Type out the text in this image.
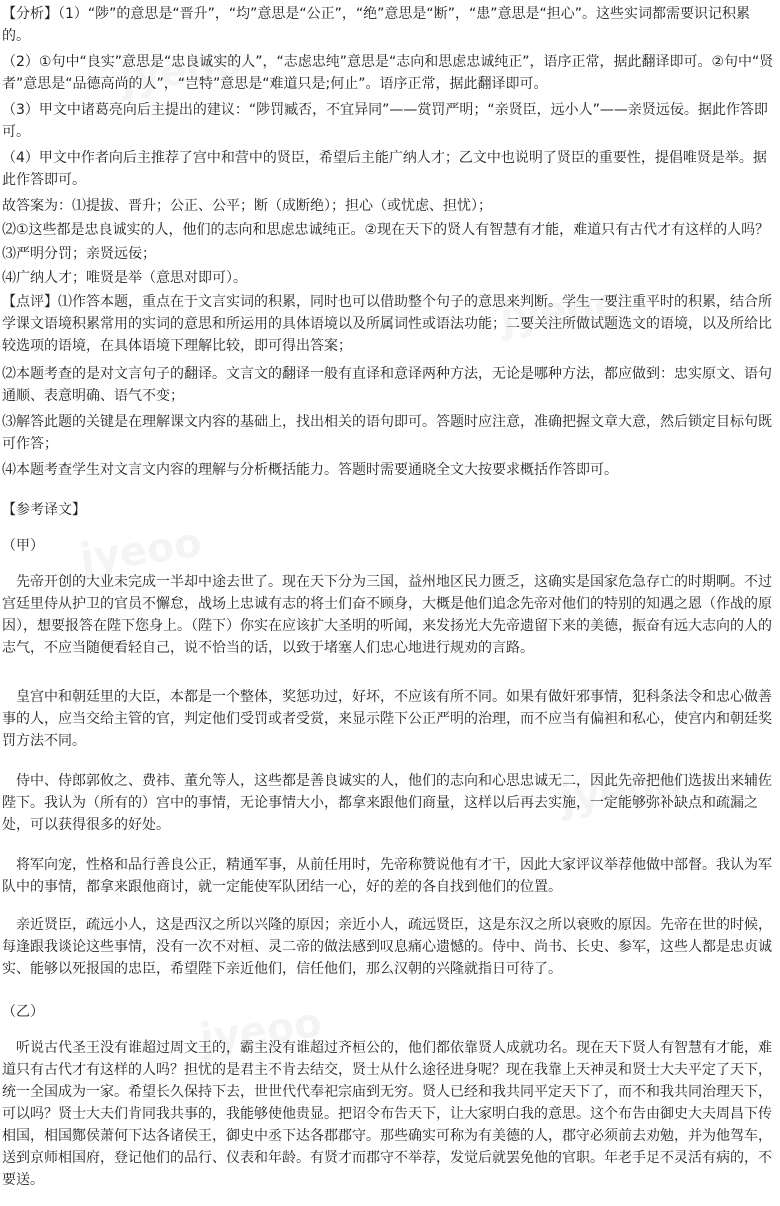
【分析】（1）“陟”的意思是“晋升”，“均”意思是“公正”，“绝”意思是“断”，“患”意思是“担心”。这些实词都需要识记积累的。

（2）①句中“良实”意思是“忠良诚实的人”，“志虑忠纯”意思是“志向和思虑忠诚纯正”，语序正常，据此翻译即可。②句中“贤者”意思是“品德高尚的人”，“岂特”意思是“难道只是;何止”。语序正常，据此翻译即可。

（3）甲文中诸葛亮向后主提出的建议：“陟罚臧否，不宜异同”——赏罚严明；“亲贤臣，远小人”——亲贤远佞。据此作答即可。

（4）甲文中作者向后主推荐了宫中和营中的贤臣，希望后主能广纳人才；乙文中也说明了贤臣的重要性，提倡唯贤是举。据此作答即可。

故答案为：⑴提拔、晋升；公正、公平；断（成断绝）；担心（或忧虑、担忧）；

⑵①这些都是忠良诚实的人，他们的志向和思虑忠诚纯正。②现在天下的贤人有智慧有才能，难道只有古代才有这样的人吗？

⑶严明分罚；亲贤远佞；

⑷广纳人才；唯贤是举（意思对即可）。

【点评】⑴作答本题，重点在于文言实词的积累，同时也可以借助整个句子的意思来判断。学生一要注重平时的积累，结合所学课文语境积累常用的实词的意思和所运用的具体语境以及所属词性或语法功能；二要关注所做试题选文的语境，以及所给比较选项的语境，在具体语境下理解比较，即可得出答案；

⑵本题考查的是对文言句子的翻译。文言文的翻译一般有直译和意译两种方法，无论是哪种方法，都应做到：忠实原文、语句通顺、表意明确、语气不变；

⑶解答此题的关键是在理解课文内容的基础上，找出相关的语句即可。答题时应注意，准确把握文章大意，然后锁定目标句既可作答；

⑷本题考查学生对文言文内容的理解与分析概括能力。答题时需要通晓全文大按要求概括作答即可。

【参考译文】

（甲）

先帝开创的大业未完成一半却中途去世了。现在天下分为三国，益州地区民力匮乏，这确实是国家危急存亡的时期啊。不过宫廷里侍从护卫的官员不懈怠，战场上忠诚有志的将士们奋不顾身，大概是他们追念先帝对他们的特别的知遇之恩（作战的原因），想要报答在陛下您身上。（陛下）你实在应该扩大圣明的听闻，来发扬光大先帝遗留下来的美德，振奋有远大志向的人的志气，不应当随便看轻自己，说不恰当的话，以致于堵塞人们忠心地进行规劝的言路。

皇宫中和朝廷里的大臣，本都是一个整体，奖惩功过，好坏，不应该有所不同。如果有做奸邪事情，犯科条法令和忠心做善事的人，应当交给主管的官，判定他们受罚或者受赏，来显示陛下公正严明的治理，而不应当有偏袒和私心，使宫内和朝廷奖罚方法不同。

侍中、侍郎郭攸之、费祎、董允等人，这些都是善良诚实的人，他们的志向和心思忠诚无二，因此先帝把他们选拔出来辅佐陛下。我认为（所有的）宫中的事情，无论事情大小，都拿来跟他们商量，这样以后再去实施，一定能够弥补缺点和疏漏之处，可以获得很多的好处。

将军向宠，性格和品行善良公正，精通军事，从前任用时，先帝称赞说他有才干，因此大家评议举荐他做中部督。我认为军队中的事情，都拿来跟他商讨，就一定能使军队团结一心，好的差的各自找到他们的位置。

亲近贤臣，疏远小人，这是西汉之所以兴隆的原因；亲近小人，疏远贤臣，这是东汉之所以衰败的原因。先帝在世的时候，每逢跟我谈论这些事情，没有一次不对桓、灵二帝的做法感到叹息痛心遗憾的。侍中、尚书、长史、参军，这些人都是忠贞诚实、能够以死报国的忠臣，希望陛下亲近他们，信任他们，那么汉朝的兴隆就指日可待了。

（乙）

听说古代圣王没有谁超过周文王的，霸主没有谁超过齐桓公的，他们都依靠贤人成就功名。现在天下贤人有智慧有才能，难道只有古代才有这样的人吗？担忧的是君主不肯去结交，贤士从什么途径进身呢？现在我靠上天神灵和贤士大夫平定了天下，统一全国成为一家。希望长久保持下去，世世代代奉祀宗庙到无穷。贤人已经和我共同平定天下了，而不和我共同治理天下，可以吗？贤士大夫们肯同我共事的，我能够使他贵显。把诏令布告天下，让大家明白我的意思。这个布告由御史大夫周昌下传相国，相国酂侯萧何下达各诸侯王，御史中丞下达各郡郡守。那些确实可称为有美德的人，郡守必须前去劝勉，并为他驾车，送到京师相国府，登记他们的品行、仪表和年龄。有贤才而郡守不举荐，发觉后就罢免他的官职。年老手足不灵活有病的，不要送。
